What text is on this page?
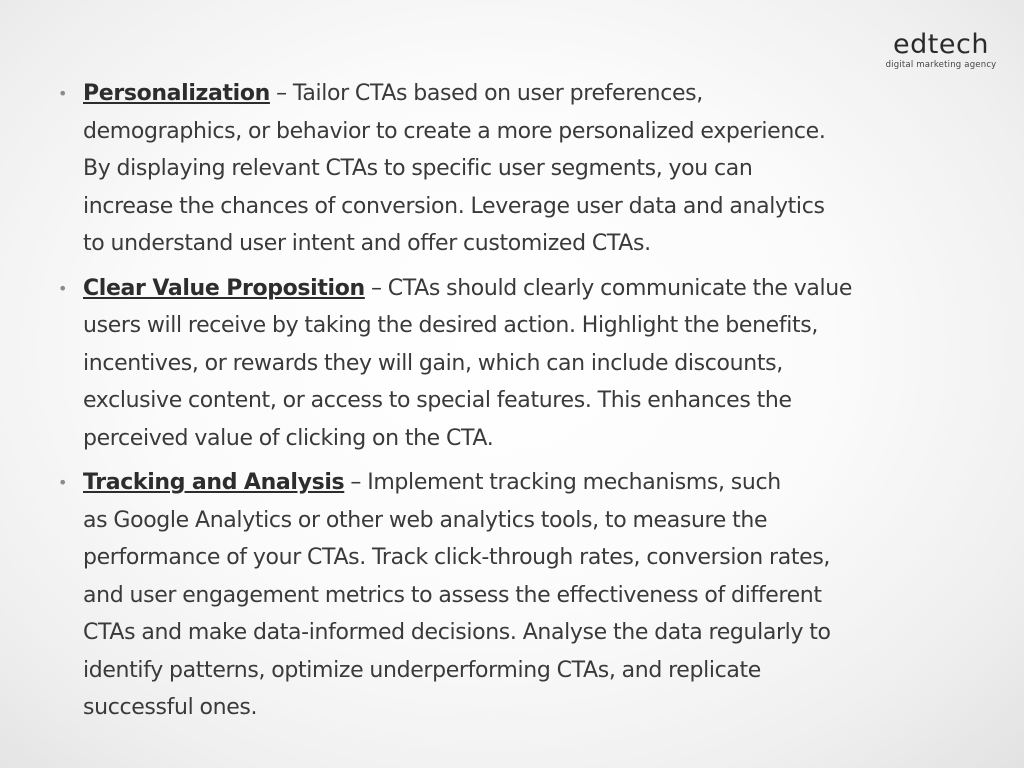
edtech
digital marketing agency
• Personalization – Tailor CTAs based on user preferences,
demographics, or behavior to create a more personalized experience.
By displaying relevant CTAs to specific user segments, you can
increase the chances of conversion. Leverage user data and analytics
to understand user intent and offer customized CTAs.
• Clear Value Proposition – CTAs should clearly communicate the value
users will receive by taking the desired action. Highlight the benefits,
incentives, or rewards they will gain, which can include discounts,
exclusive content, or access to special features. This enhances the
perceived value of clicking on the CTA.
• Tracking and Analysis – Implement tracking mechanisms, such
as Google Analytics or other web analytics tools, to measure the
performance of your CTAs. Track click-through rates, conversion rates,
and user engagement metrics to assess the effectiveness of different
CTAs and make data-informed decisions. Analyse the data regularly to
identify patterns, optimize underperforming CTAs, and replicate
successful ones.
